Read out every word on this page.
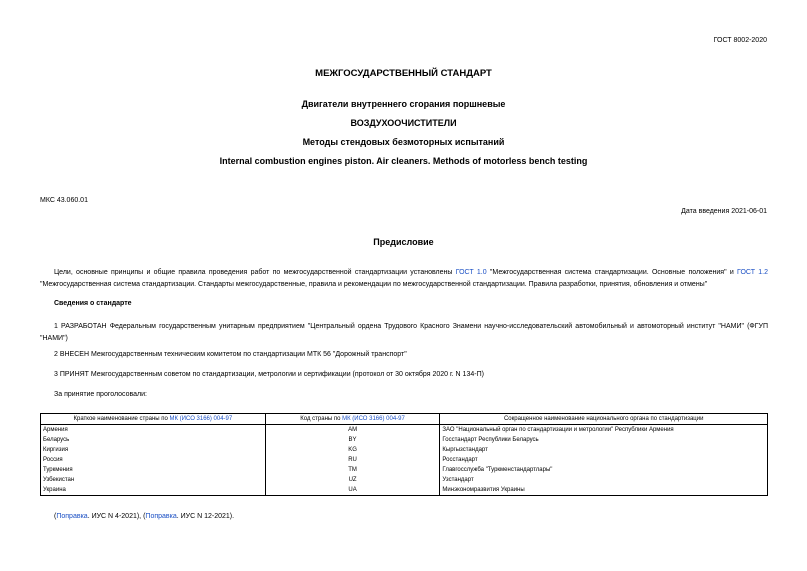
ГОСТ 8002-2020
МЕЖГОСУДАРСТВЕННЫЙ СТАНДАРТ
Двигатели внутреннего сгорания поршневые
ВОЗДУХООЧИСТИТЕЛИ
Методы стендовых безмоторных испытаний
Internal combustion engines piston. Air cleaners. Methods of motorless bench testing
МКС 43.060.01
Дата введения 2021-06-01
Предисловие
Цели, основные принципы и общие правила проведения работ по межгосударственной стандартизации установлены ГОСТ 1.0 "Межгосударственная система стандартизации. Основные положения" и ГОСТ 1.2 "Межгосударственная система стандартизации. Стандарты межгосударственные, правила и рекомендации по межгосударственной стандартизации. Правила разработки, принятия, обновления и отмены"
Сведения о стандарте
1 РАЗРАБОТАН Федеральным государственным унитарным предприятием "Центральный ордена Трудового Красного Знамени научно-исследовательский автомобильный и автомоторный институт "НАМИ" (ФГУП "НАМИ")
2 ВНЕСЕН Межгосударственным техническим комитетом по стандартизации МТК 56 "Дорожный транспорт"
3 ПРИНЯТ Межгосударственным советом по стандартизации, метрологии и сертификации (протокол от 30 октября 2020 г. N 134-П)
За принятие проголосовали:
Краткое наименование страны по МК (ИСО 3166) 004-97	Код страны по МК (ИСО 3166) 004-97	Сокращенное наименование национального органа по стандартизации
Армения	AM	ЗАО "Национальный орган по стандартизации и метрологии" Республики Армения
Беларусь	BY	Госстандарт Республики Беларусь
Киргизия	KG	Кыргызстандарт
Россия	RU	Росстандарт
Туркмения	TM	Главгосслужба "Туркменстандартлары"
Узбекистан	UZ	Узстандарт
Украина	UA	Минэкономразвития Украины
(Поправка. ИУС N 4-2021), (Поправка. ИУС N 12-2021).
